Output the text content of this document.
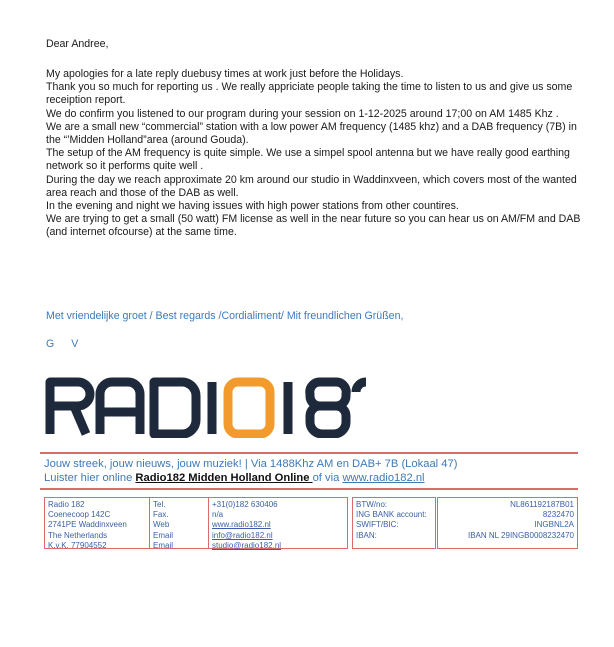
Dear Andree,

My apologies for a late reply duebusy times at work just before the Holidays.

Thank you so much for reporting us . We really appriciate people taking the time to listen to us and give us some receiption report.

We do confirm you listened to our program during your session on 1-12-2025 around 17;00 on AM 1485 Khz .

We are a small new “commercial” station with a low power AM frequency (1485 khz) and a DAB frequency (7B) in the “’Midden Holland”area (around Gouda).

The setup of the AM frequency is quite simple. We use a simpel spool antenna but we have really good earthing network so it performs quite well .

During the day we reach approximate 20 km around our studio in Waddinxveen, which covers most of the wanted area reach and those of the DAB as well.

In the evening and night we having issues with high power stations from other countires.

We are trying to get a small (50 watt) FM license as well in the near future so you can hear us on AM/FM and DAB (and internet ofcourse) at the same time.

Met vriendelijke groet / Best regards /Cordialiment/ Mit freundlichen Grüßen,
G V
Jouw streek, jouw nieuws, jouw muziek! | Via 1488Khz AM en DAB+ 7B (Lokaal 47)
Luister hier online Radio182 Midden Holland Online of via www.radio182.nl
Radio 182
Coenecoop 142C
2741PE Waddinxveen
The Netherlands
K.v.K. 77904552
Tel.
Fax.
Web
Email
Email
+31(0)182 630406
n/a
www.radio182.nl
info@radio182.nl
studio@radio182.nl
BTW/no:
ING BANK account:
SWIFT/BIC:
IBAN:
NL861192187B01
8232470
INGBNL2A
IBAN NL 29INGB0008232470
